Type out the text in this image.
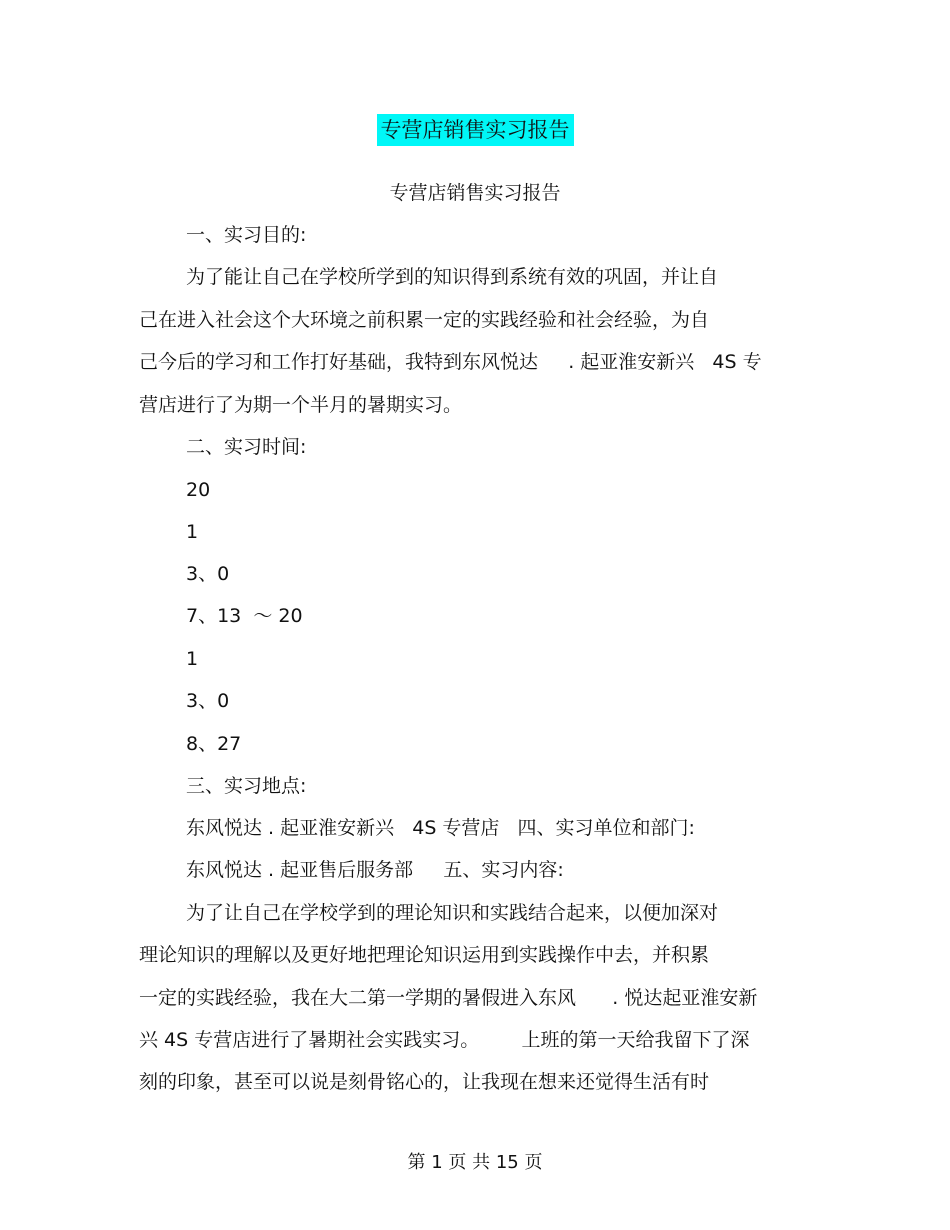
专营店销售实习报告
专营店销售实习报告
一、实习目的:
为了能让自己在学校所学到的知识得到系统有效的巩固，并让自
己在进入社会这个大环境之前积累一定的实践经验和社会经验，为自
己今后的学习和工作打好基础，我特到东风悦达     . 起亚淮安新兴   4S 专
营店进行了为期一个半月的暑期实习。
二、实习时间:
20
1
3、0
7、13  ～ 20
1
3、0
8、27
三、实习地点:
东风悦达 . 起亚淮安新兴   4S 专营店   四、实习单位和部门:
东风悦达 . 起亚售后服务部     五、实习内容:
为了让自己在学校学到的理论知识和实践结合起来，以便加深对
理论知识的理解以及更好地把理论知识运用到实践操作中去，并积累
一定的实践经验，我在大二第一学期的暑假进入东风      . 悦达起亚淮安新
兴 4S 专营店进行了暑期社会实践实习。       上班的第一天给我留下了深
刻的印象，甚至可以说是刻骨铭心的，让我现在想来还觉得生活有时
第 1 页 共 15 页
